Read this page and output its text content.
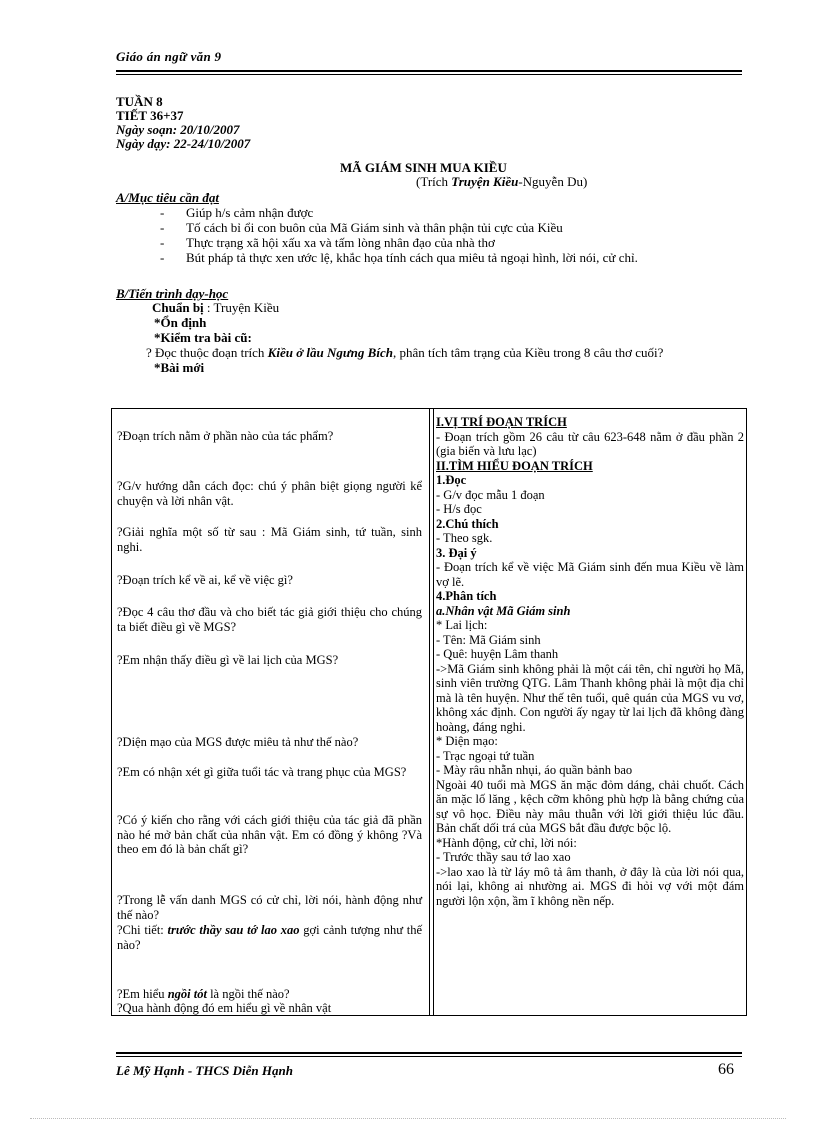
Giáo án ngữ văn 9
TUẦN 8
TIẾT 36+37
Ngày soạn: 20/10/2007
Ngày dạy: 22-24/10/2007
MÃ GIÁM SINH MUA KIỀU
(Trích Truyện Kiều-Nguyễn Du)
A/Mục tiêu cần đạt
- Giúp h/s cảm nhận được
- Tố cách bỉ ổi con buôn của Mã Giám sinh và thân phận tủi cực của Kiều
- Thực trạng xã hội xấu xa và tấm lòng nhân đạo của nhà thơ
- Bút pháp tả thực xen ước lệ, khắc họa tính cách qua miêu tả ngoại hình, lời nói, cử chỉ.
B/Tiến trình dạy-học
Chuẩn bị : Truyện Kiều
*Ổn định
*Kiểm tra bài cũ:
? Đọc thuộc đoạn trích Kiều ở lầu Ngưng Bích, phân tích tâm trạng của Kiều trong 8 câu thơ cuối?
*Bài mới
?Đoạn trích nằm ở phần nào của tác phẩm?
?G/v hướng dẫn cách đọc: chú ý phân biệt giọng người kể chuyện và lời nhân vật.
?Giải nghĩa một số từ sau : Mã Giám sinh, tứ tuần, sinh nghi.
?Đoạn trích kể về ai, kể về việc gì?
?Đọc 4 câu thơ đầu và cho biết tác giả giới thiệu cho chúng ta biết điều gì về MGS?
?Em nhận thấy điều gì về lai lịch của MGS?
?Diện mạo của MGS được miêu tả như thế nào?
?Em có nhận xét gì giữa tuổi tác và trang phục của MGS?
?Có ý kiến cho rằng với cách giới thiệu của tác giả đã phần nào hé mở bản chất của nhân vật. Em có đồng ý không ?Và theo em đó là bản chất gì?
?Trong lễ vấn danh MGS có cử chỉ, lời nói, hành động như thế nào?
?Chi tiết: trước thầy sau tớ lao xao gợi cảnh tượng như thế nào?
?Em hiểu ngồi tót là ngồi thế nào?
?Qua hành động đó em hiểu gì về nhân vật
I.VỊ TRÍ ĐOẠN TRÍCH
- Đoạn trích gồm 26 câu từ câu 623-648 nằm ở đầu phần 2 (gia biến và lưu lạc)
II.TÌM HIỂU ĐOẠN TRÍCH
1.Đọc
- G/v đọc mẫu 1 đoạn
- H/s đọc
2.Chú thích
- Theo sgk.
3. Đại ý
- Đoạn trích kể về việc Mã Giám sinh đến mua Kiều về làm vợ lẽ.
4.Phân tích
a.Nhân vật Mã Giám sinh
* Lai lịch:
- Tên: Mã Giám sinh
- Quê: huyện Lâm thanh
->Mã Giám sinh không phải là một cái tên, chỉ người họ Mã, sinh viên trường QTG. Lâm Thanh không phải là một địa chỉ mà là tên huyện. Như thế tên tuổi, quê quán của MGS vu vơ, không xác định. Con người ấy ngay từ lai lịch đã không đàng hoàng, đáng nghi.
* Diện mạo:
- Trạc ngoại tứ tuần
- Mày râu nhẵn nhụi, áo quần bảnh bao
Ngoài 40 tuổi mà MGS ăn mặc đỏm dáng, chải chuốt. Cách ăn mặc lố lăng , kệch cỡm không phù hợp là bằng chứng của sự vô học. Điều này mâu thuẫn với lời giới thiệu lúc đầu. Bản chất dối trá của MGS bắt đầu được bộc lộ.
*Hành động, cử chỉ, lời nói:
- Trước thầy sau tớ lao xao
->lao xao là từ láy mô tả âm thanh, ở đây là của lời nói qua, nói lại, không ai nhường ai. MGS đi hỏi vợ với một đám người lộn xộn, ầm ĩ không nền nếp.
Lê Mỹ Hạnh - THCS Diễn Hạnh	66
